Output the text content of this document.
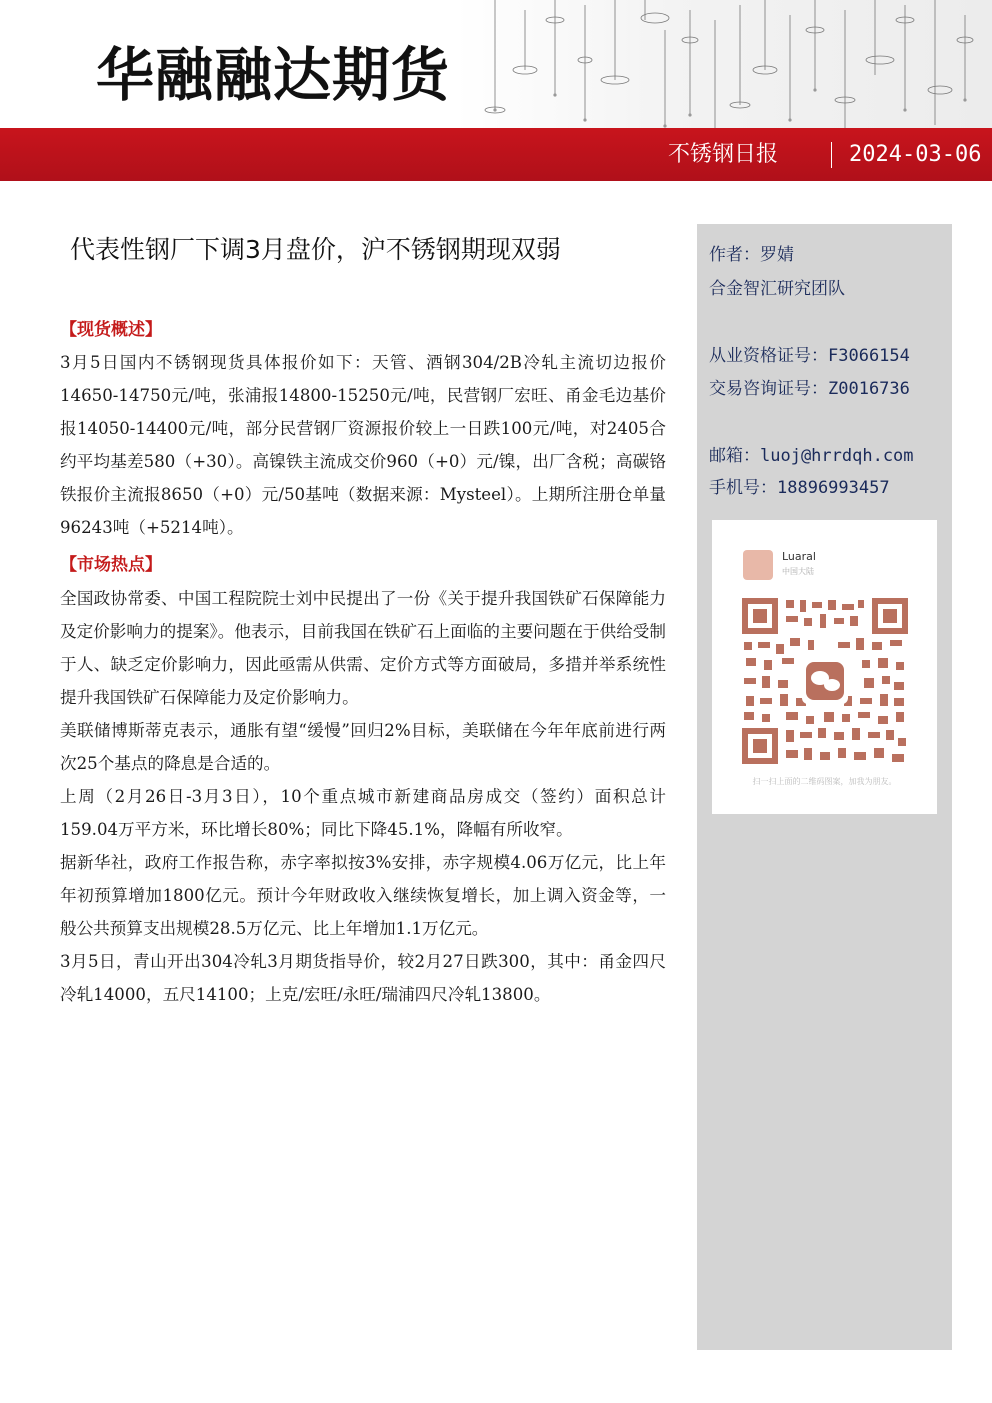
华融融达期货
不锈钢日报	2024-03-06
作者：罗婧
合金智汇研究团队
从业资格证号：F3066154
交易咨询证号：Z0016736
邮箱：luoj@hrrdqh.com
手机号：18896993457
Luaral
中国大陆
扫一扫上面的二维码图案，加我为朋友。
代表性钢厂下调3月盘价，沪不锈钢期现双弱
【现货概述】

3月5日国内不锈钢现货具体报价如下：天管、酒钢304/2B冷轧主流切边报价14650-14750元/吨，张浦报14800-15250元/吨，民营钢厂宏旺、甬金毛边基价报14050-14400元/吨，部分民营钢厂资源报价较上一日跌100元/吨，对2405合约平均基差580（+30）。高镍铁主流成交价960（+0）元/镍，出厂含税；高碳铬铁报价主流报8650（+0）元/50基吨（数据来源：Mysteel）。上期所注册仓单量96243吨（+5214吨）。

【市场热点】

全国政协常委、中国工程院院士刘中民提出了一份《关于提升我国铁矿石保障能力及定价影响力的提案》。他表示，目前我国在铁矿石上面临的主要问题在于供给受制于人、缺乏定价影响力，因此亟需从供需、定价方式等方面破局，多措并举系统性提升我国铁矿石保障能力及定价影响力。

美联储博斯蒂克表示，通胀有望“缓慢”回归2%目标，美联储在今年年底前进行两次25个基点的降息是合适的。

上周（2月26日-3月3日），10个重点城市新建商品房成交（签约）面积总计159.04万平方米，环比增长80%；同比下降45.1%，降幅有所收窄。

据新华社，政府工作报告称，赤字率拟按3%安排，赤字规模4.06万亿元，比上年年初预算增加1800亿元。预计今年财政收入继续恢复增长，加上调入资金等，一般公共预算支出规模28.5万亿元、比上年增加1.1万亿元。

3月5日，青山开出304冷轧3月期货指导价，较2月27日跌300，其中：甬金四尺冷轧14000，五尺14100；上克/宏旺/永旺/瑞浦四尺冷轧13800。
